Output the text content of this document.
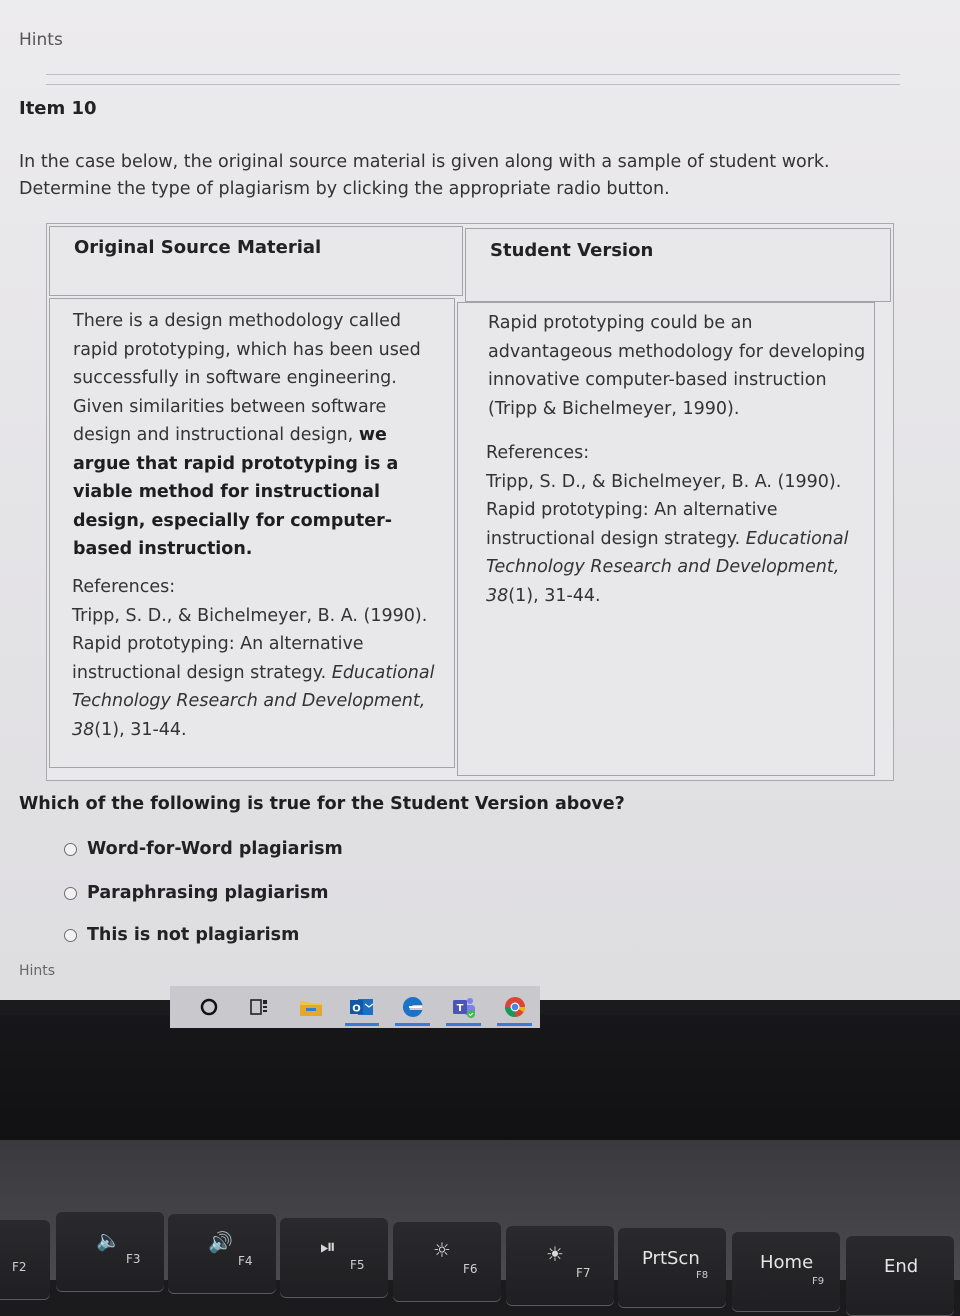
Hints
Item 10
In the case below, the original source material is given along with a sample of student work. Determine the type of plagiarism by clicking the appropriate radio button.
Original Source Material	Student Version
There is a design methodology called rapid prototyping, which has been used successfully in software engineering. Given similarities between software design and instructional design, we argue that rapid prototyping is a viable method for instructional design, especially for computer-based instruction.
References:
Tripp, S. D., & Bichelmeyer, B. A. (1990). Rapid prototyping: An alternative instructional design strategy. Educational Technology Research and Development, 38(1), 31-44.
Rapid prototyping could be an advantageous methodology for developing innovative computer-based instruction (Tripp & Bichelmeyer, 1990).
References:
Tripp, S. D., & Bichelmeyer, B. A. (1990). Rapid prototyping: An alternative instructional design strategy. Educational Technology Research and Development, 38(1), 31-44.
Which of the following is true for the Student Version above?
Word-for-Word plagiarism
Paraphrasing plagiarism
This is not plagiarism
Hints
O	T
F2
🔈
F3
🔊
F4
⏯
F5
☼
F6
☀
F7
PrtScn
F8
Home
F9
End
